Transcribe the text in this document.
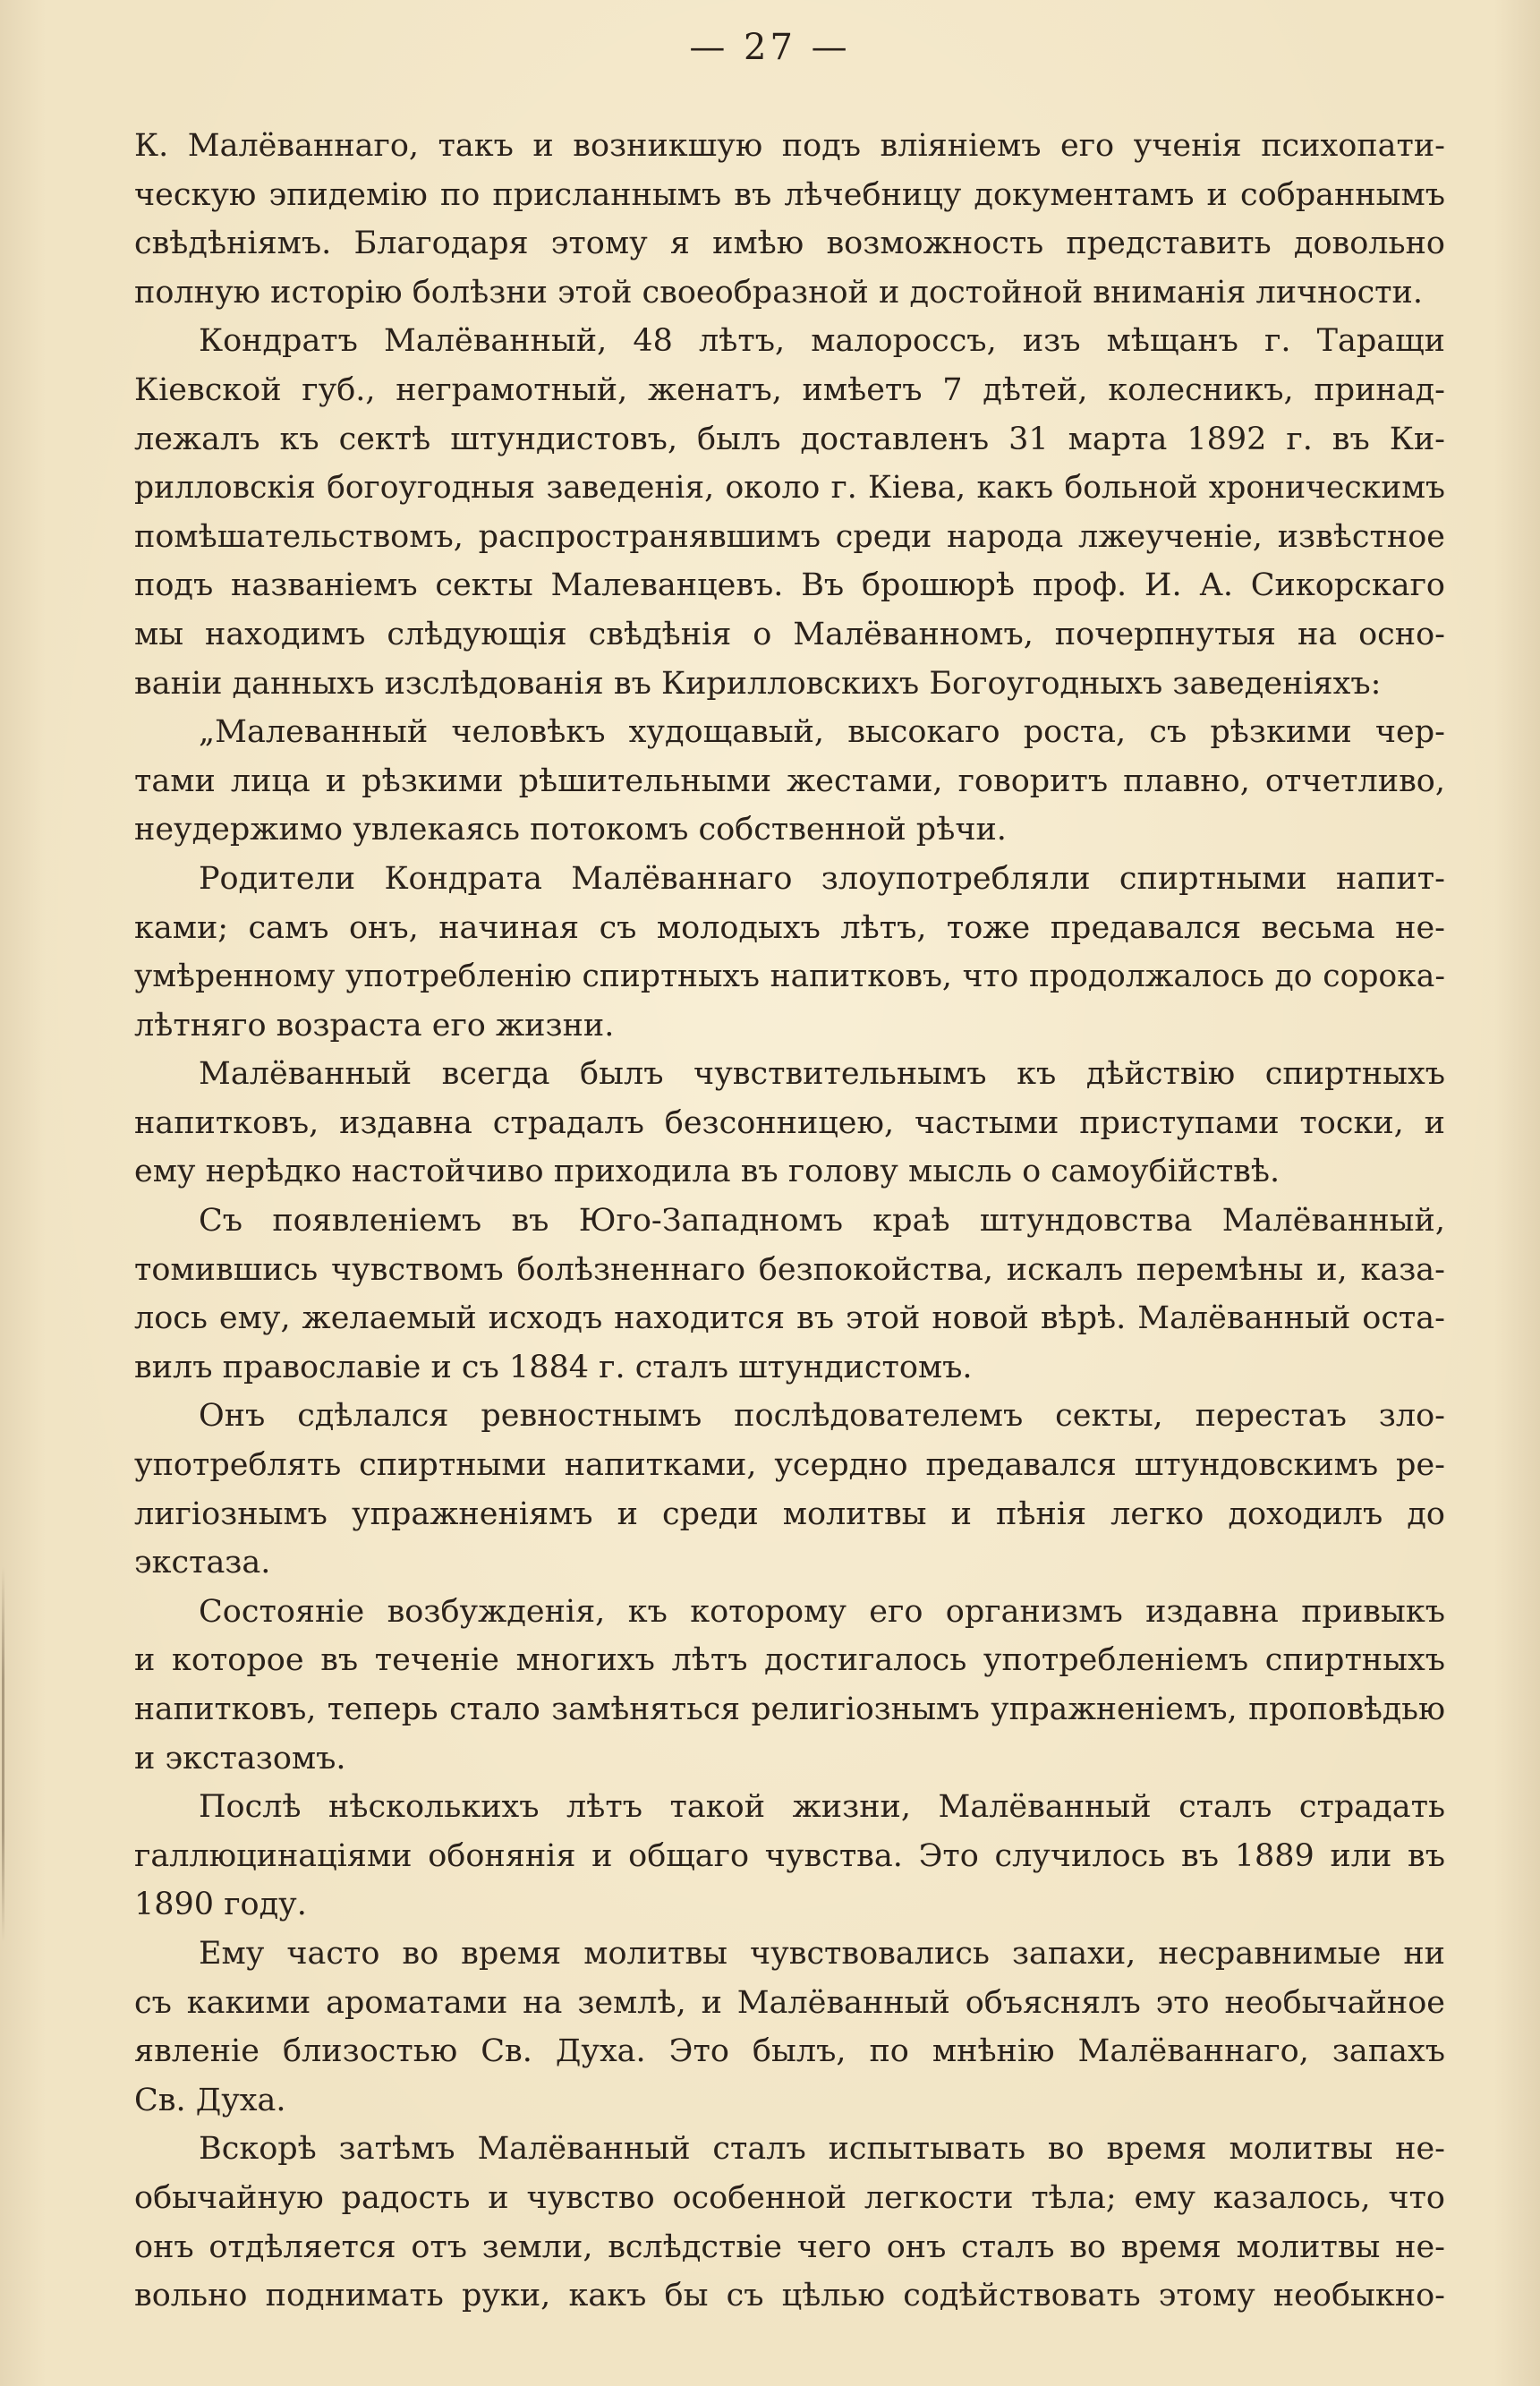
— 27 —
К. Малёваннаго, такъ и возникшую подъ вліяніемъ его ученія психопати-
ческую эпидемію по присланнымъ въ лѣчебницу документамъ и собраннымъ
свѣдѣніямъ. Благодаря этому я имѣю возможность представить довольно
полную исторію болѣзни этой своеобразной и достойной вниманія личности.
Кондратъ Малёванный, 48 лѣтъ, малороссъ, изъ мѣщанъ г. Таращи
Кіевской губ., неграмотный, женатъ, имѣетъ 7 дѣтей, колесникъ, принад-
лежалъ къ сектѣ штундистовъ, былъ доставленъ 31 марта 1892 г. въ Ки-
рилловскія богоугодныя заведенія, около г. Кіева, какъ больной хроническимъ
помѣшательствомъ, распространявшимъ среди народа лжеученіе, извѣстное
подъ названіемъ секты Малеванцевъ. Въ брошюрѣ проф. И. А. Сикорскаго
мы находимъ слѣдующія свѣдѣнія о Малёванномъ, почерпнутыя на осно-
ваніи данныхъ изслѣдованія въ Кирилловскихъ Богоугодныхъ заведеніяхъ:
„Малеванный человѣкъ худощавый, высокаго роста, съ рѣзкими чер-
тами лица и рѣзкими рѣшительными жестами, говоритъ плавно, отчетливо,
неудержимо увлекаясь потокомъ собственной рѣчи.
Родители Кондрата Малёваннаго злоупотребляли спиртными напит-
ками; самъ онъ, начиная съ молодыхъ лѣтъ, тоже предавался весьма не-
умѣренному употребленію спиртныхъ напитковъ, что продолжалось до сорока-
лѣтняго возраста его жизни.
Малёванный всегда былъ чувствительнымъ къ дѣйствію спиртныхъ
напитковъ, издавна страдалъ безсонницею, частыми приступами тоски, и
ему нерѣдко настойчиво приходила въ голову мысль о самоубійствѣ.
Съ появленіемъ въ Юго-Западномъ краѣ штундовства Малёванный,
томившись чувствомъ болѣзненнаго безпокойства, искалъ перемѣны и, каза-
лось ему, желаемый исходъ находится въ этой новой вѣрѣ. Малёванный оста-
вилъ православіе и съ 1884 г. сталъ штундистомъ.
Онъ сдѣлался ревностнымъ послѣдователемъ секты, перестаъ зло-
употреблять спиртными напитками, усердно предавался штундовскимъ ре-
лигіознымъ упражненіямъ и среди молитвы и пѣнія легко доходилъ до
экстаза.
Состояніе возбужденія, къ которому его организмъ издавна привыкъ
и которое въ теченіе многихъ лѣтъ достигалось употребленіемъ спиртныхъ
напитковъ, теперь стало замѣняться религіознымъ упражненіемъ, проповѣдью
и экстазомъ.
Послѣ нѣсколькихъ лѣтъ такой жизни, Малёванный сталъ страдать
галлюцинаціями обонянія и общаго чувства. Это случилось въ 1889 или въ
1890 году.
Ему часто во время молитвы чувствовались запахи, несравнимые ни
съ какими ароматами на землѣ, и Малёванный объяснялъ это необычайное
явленіе близостью Св. Духа. Это былъ, по мнѣнію Малёваннаго, запахъ
Св. Духа.
Вскорѣ затѣмъ Малёванный сталъ испытывать во время молитвы не-
обычайную радость и чувство особенной легкости тѣла; ему казалось, что
онъ отдѣляется отъ земли, вслѣдствіе чего онъ сталъ во время молитвы не-
вольно поднимать руки, какъ бы съ цѣлью содѣйствовать этому необыкно-
